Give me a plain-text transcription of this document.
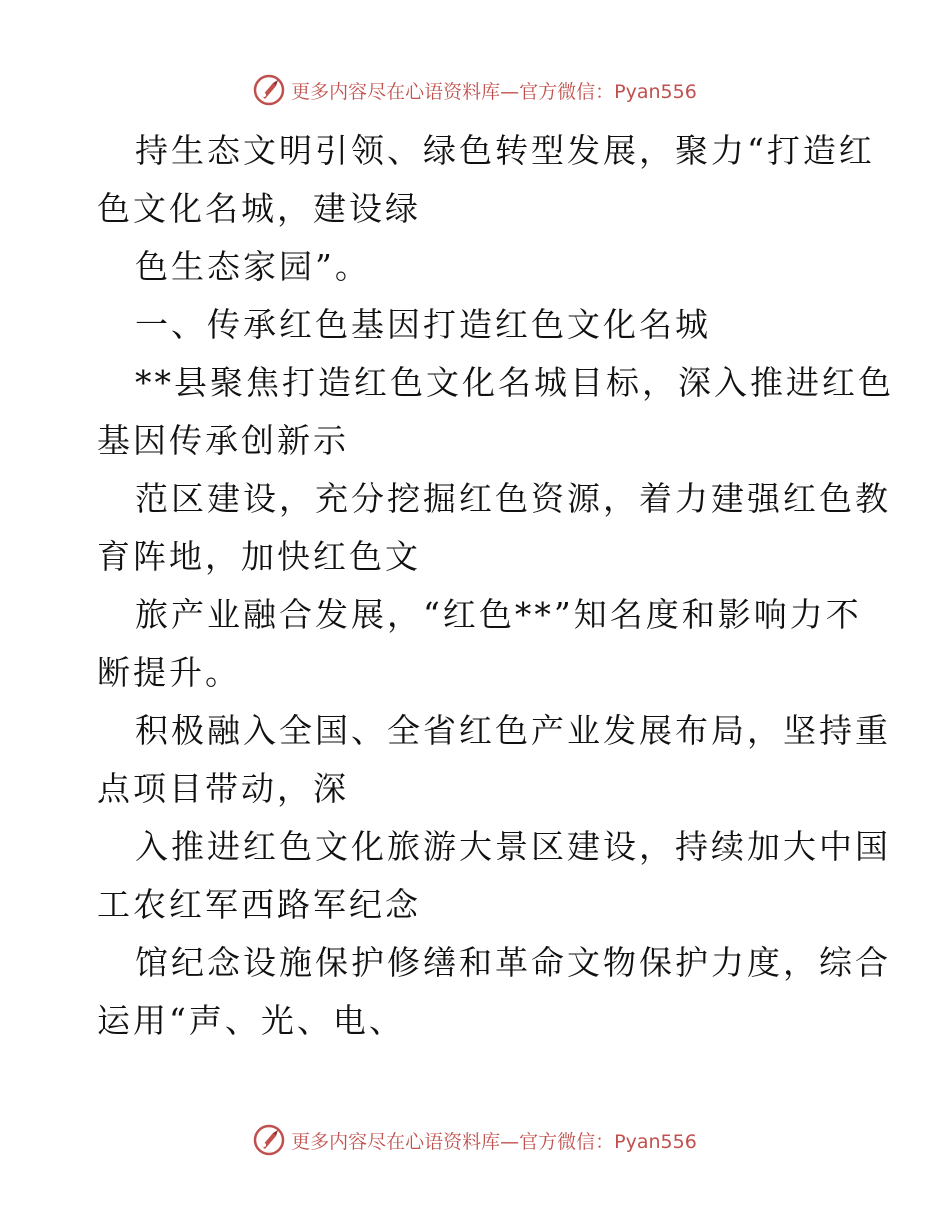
更多内容尽在心语资料库—官方微信：Pyan556

持生态文明引领、绿色转型发展，聚力“打造红

色文化名城，建设绿

色生态家园”。

一、传承红色基因打造红色文化名城

**县聚焦打造红色文化名城目标，深入推进红色

基因传承创新示

范区建设，充分挖掘红色资源，着力建强红色教

育阵地，加快红色文

旅产业融合发展，“红色**”知名度和影响力不

断提升。

积极融入全国、全省红色产业发展布局，坚持重

点项目带动，深

入推进红色文化旅游大景区建设，持续加大中国

工农红军西路军纪念

馆纪念设施保护修缮和革命文物保护力度，综合

运用“声、光、电、

更多内容尽在心语资料库—官方微信：Pyan556
